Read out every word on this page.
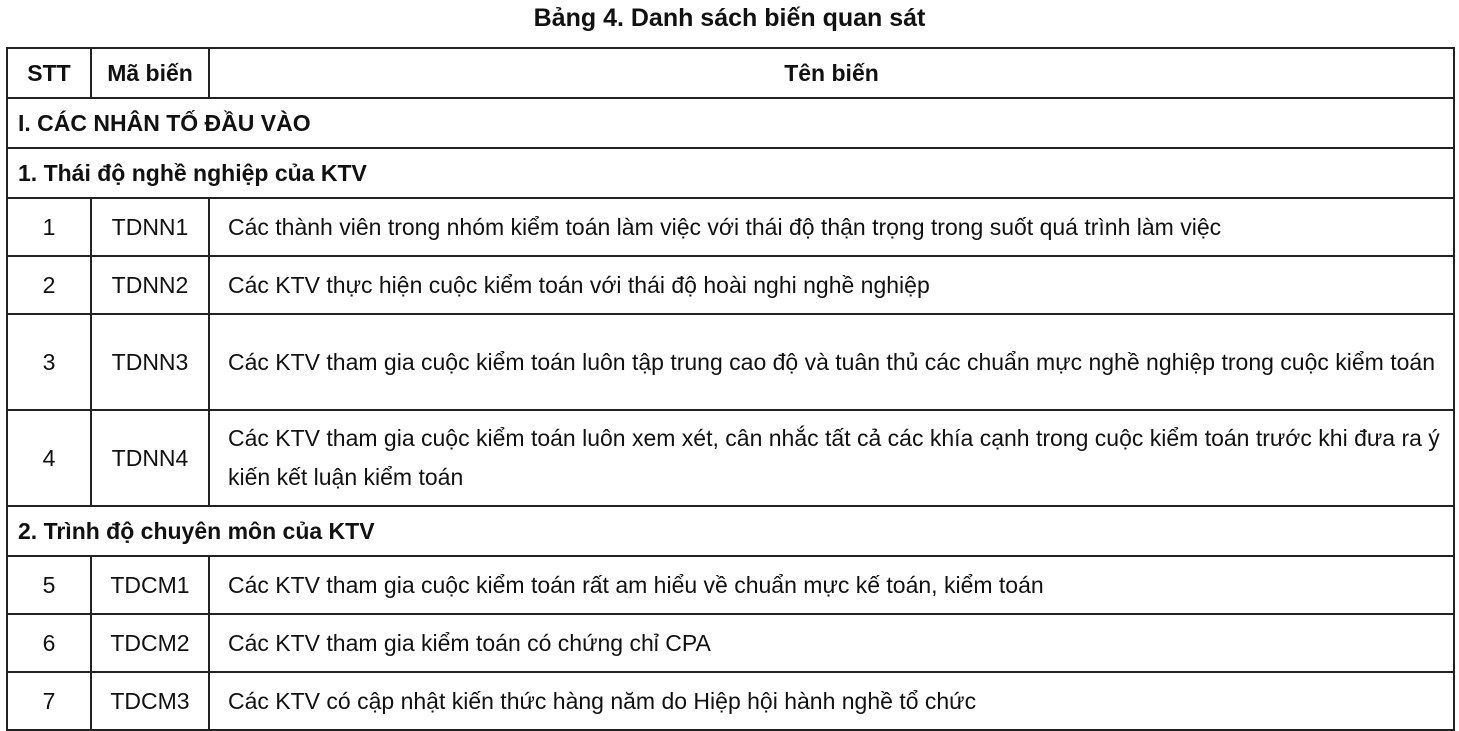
Bảng 4. Danh sách biến quan sát
STT	Mã biến	Tên biến
I. CÁC NHÂN TỐ ĐẦU VÀO		
1. Thái độ nghề nghiệp của KTV		
1	TDNN1	Các thành viên trong nhóm kiểm toán làm việc với thái độ thận trọng trong suốt quá trình làm việc
2	TDNN2	Các KTV thực hiện cuộc kiểm toán với thái độ hoài nghi nghề nghiệp
3	TDNN3	Các KTV tham gia cuộc kiểm toán luôn tập trung cao độ và tuân thủ các chuẩn mực nghề nghiệp trong cuộc kiểm toán
4	TDNN4	Các KTV tham gia cuộc kiểm toán luôn xem xét, cân nhắc tất cả các khía cạnh trong cuộc kiểm toán trước khi đưa ra ý kiến kết luận kiểm toán
2. Trình độ chuyên môn của KTV		
5	TDCM1	Các KTV tham gia cuộc kiểm toán rất am hiểu về chuẩn mực kế toán, kiểm toán
6	TDCM2	Các KTV tham gia kiểm toán có chứng chỉ CPA
7	TDCM3	Các KTV có cập nhật kiến thức hàng năm do Hiệp hội hành nghề tổ chức
